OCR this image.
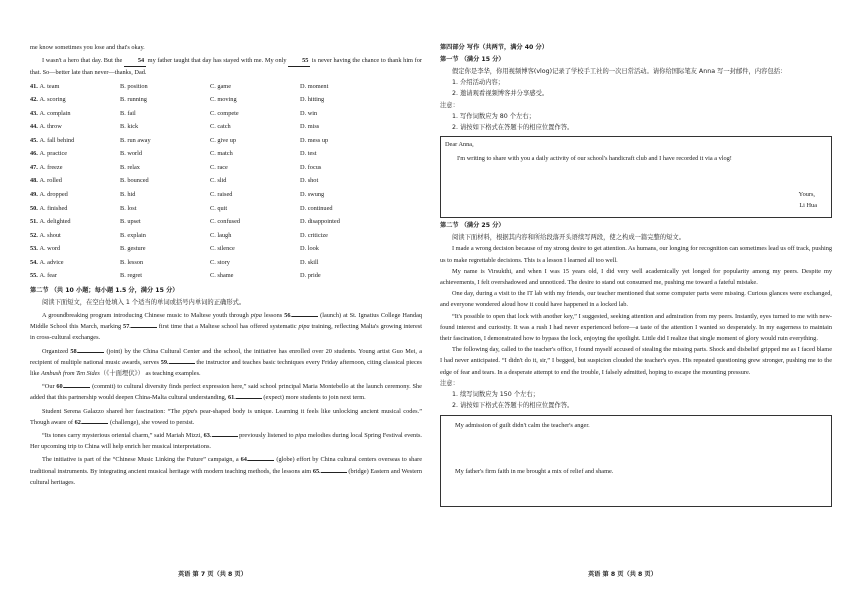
me know sometimes you lose and that's okay.

I wasn't a hero that day. But the 54 my father taught that day has stayed with me. My only 55 is never having the chance to thank him for that. So—better late than never—thanks, Dad.

41. A. team	B. position	C. game	D. moment
42. A. scoring	B. running	C. moving	D. hitting
43. A. complain	B. fail	C. compete	D. win
44. A. throw	B. kick	C. catch	D. miss
45. A. fall behind	B. run away	C. give up	D. mess up
46. A. practice	B. world	C. match	D. test
47. A. freeze	B. relax	C. race	D. focus
48. A. rolled	B. bounced	C. slid	D. shot
49. A. dropped	B. hid	C. raised	D. swung
50. A. finished	B. lost	C. quit	D. continued
51. A. delighted	B. upset	C. confused	D. disappointed
52. A. shout	B. explain	C. laugh	D. criticize
53. A. word	B. gesture	C. silence	D. look
54. A. advice	B. lesson	C. story	D. skill
55. A. fear	B. regret	C. shame	D. pride
第二节 （共 10 小题；每小题 1.5 分，满分 15 分）

阅读下面短文，在空白处填入 1 个适当的单词或括号内单词的正确形式。

A groundbreaking program introducing Chinese music to Maltese youth through pipa lessons 56.	(launch) at St. Ignatius College Handaq Middle School this March, marking 57.	first time that a Maltese school has offered systematic pipa training, reflecting Malta's growing interest in cross-cultural exchanges.

Organized 58.	(joint) by the China Cultural Center and the school, the initiative has enrolled over 20 students. Young artist Guo Mei, a recipient of multiple national music awards, serves 59.	the instructor and teaches basic techniques every Friday afternoon, citing classical pieces like Ambush from Ten Sides（《十面埋伏》） as teaching examples.

“Our 60.	(commit) to cultural diversity finds perfect expression here,” said school principal Maria Montebello at the launch ceremony. She added that this partnership would deepen China-Malta cultural understanding, 61.	(expect) more students to join next term.

Student Serena Galazzo shared her fascination: “The pipa's pear-shaped body is unique. Learning it feels like unlocking ancient musical codes.” Though aware of 62.	(challenge), she vowed to persist.

“Its tones carry mysterious oriental charm,” said Mariah Mizzi, 63.	previously listened to pipa melodies during local Spring Festival events. Her upcoming trip to China will help enrich her musical interpretations.

The initiative is part of the “Chinese Music Linking the Future” campaign, a 64.	(globe) effort by China cultural centers overseas to share traditional instruments. By integrating ancient musical heritage with modern teaching methods, the lessons aim 65.	(bridge) Eastern and Western cultural heritages.

英语 第 7 页（共 8 页）
第四部分 写作（共两节，满分 40 分）
第一节 （满分 15 分）

假定你是李华，你用视频博客(vlog)记录了学校手工社的一次日常活动。请你给国际笔友 Anna 写一封邮件，内容包括：

1. 介绍活动内容；

2. 邀请观看视频博客并分享感受。

注意：

1. 写作词数应为 80 个左右；

2. 请按如下格式在答题卡的相应位置作答。

Dear Anna,

I'm writing to share with you a daily activity of our school's handicraft club and I have recorded it via a vlog!

Yours,

Li Hua

第二节 （满分 25 分）

阅读下面材料，根据其内容和所给段落开头语续写两段，使之构成一篇完整的短文。

I made a wrong decision because of my strong desire to get attention. As humans, our longing for recognition can sometimes lead us off track, pushing us to make regrettable decisions. This is a lesson I learned all too well.

My name is Virsukthi, and when I was 15 years old, I did very well academically yet longed for popularity among my peers. Despite my achievements, I felt overshadowed and unnoticed. The desire to stand out consumed me, pushing me toward a fateful mistake.

One day, during a visit to the IT lab with my friends, our teacher mentioned that some computer parts were missing. Curious glances were exchanged, and everyone wondered aloud how it could have happened in a locked lab.

“It's possible to open that lock with another key,” I suggested, seeking attention and admiration from my peers. Instantly, eyes turned to me with new-found interest and curiosity. It was a rush I had never experienced before—a taste of the attention I wanted so desperately. In my eagerness to maintain their fascination, I demonstrated how to bypass the lock, enjoying the spotlight. Little did I realize that single moment of glory would ruin everything.

The following day, called to the teacher's office, I found myself accused of stealing the missing parts. Shock and disbelief gripped me as I faced blame I had never anticipated. “I didn't do it, sir,” I begged, but suspicion clouded the teacher's eyes. His repeated questioning grew stronger, pushing me to the edge of fear and tears. In a desperate attempt to end the trouble, I falsely admitted, hoping to escape the mounting pressure.

注意：

1. 续写词数应为 150 个左右；

2. 请按如下格式在答题卡的相应位置作答。

My admission of guilt didn't calm the teacher's anger.

My father's firm faith in me brought a mix of relief and shame.

英语 第 8 页（共 8 页）
